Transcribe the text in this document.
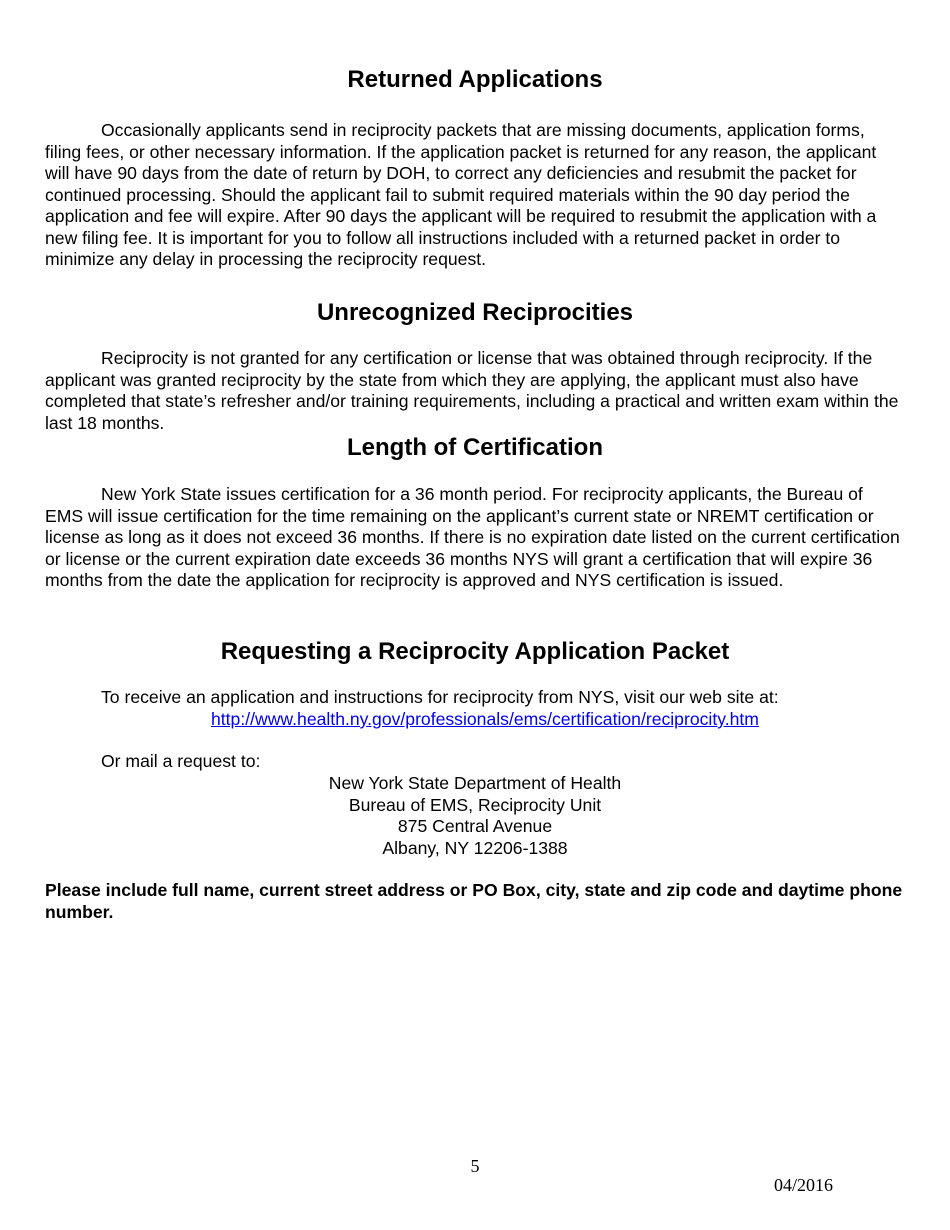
Returned Applications

Occasionally applicants send in reciprocity packets that are missing documents, application forms, filing fees, or other necessary information. If the application packet is returned for any reason, the applicant will have 90 days from the date of return by DOH, to correct any deficiencies and resubmit the packet for continued processing. Should the applicant fail to submit required materials within the 90 day period the application and fee will expire. After 90 days the applicant will be required to resubmit the application with a new filing fee. It is important for you to follow all instructions included with a returned packet in order to minimize any delay in processing the reciprocity request.

Unrecognized Reciprocities

Reciprocity is not granted for any certification or license that was obtained through reciprocity. If the applicant was granted reciprocity by the state from which they are applying, the applicant must also have completed that state’s refresher and/or training requirements, including a practical and written exam within the last 18 months.

Length of Certification

New York State issues certification for a 36 month period. For reciprocity applicants, the Bureau of EMS will issue certification for the time remaining on the applicant’s current state or NREMT certification or license as long as it does not exceed 36 months. If there is no expiration date listed on the current certification or license or the current expiration date exceeds 36 months NYS will grant a certification that will expire 36 months from the date the application for reciprocity is approved and NYS certification is issued.

Requesting a Reciprocity Application Packet
To receive an application and instructions for reciprocity from NYS, visit our web site at:
http://www.health.ny.gov/professionals/ems/certification/reciprocity.htm
Or mail a request to:
New York State Department of Health
Bureau of EMS, Reciprocity Unit
875 Central Avenue
Albany, NY 12206-1388
Please include full name, current street address or PO Box, city, state and zip code and daytime phone number.
5
04/2016
